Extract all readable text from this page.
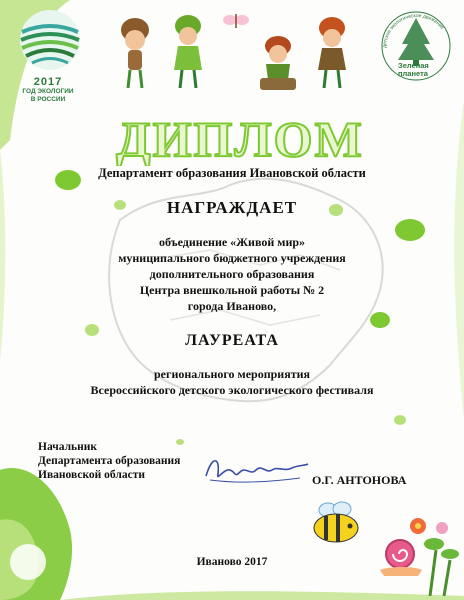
2017
ГОД ЭКОЛОГИИ
В РОССИИ
Зеленая
планета
детское экологическое движение
ДИПЛОМ
Департамент образования Ивановской области
НАГРАЖДАЕТ
объединение «Живой мир»
муниципального бюджетного учреждения
дополнительного образования
Центра внешкольной работы № 2
города Иваново,
ЛАУРЕАТА
регионального мероприятия
Всероссийского детского экологического фестиваля
Начальник
Департамента образования
Ивановской области	О.Г. АНТОНОВА
Иваново 2017
